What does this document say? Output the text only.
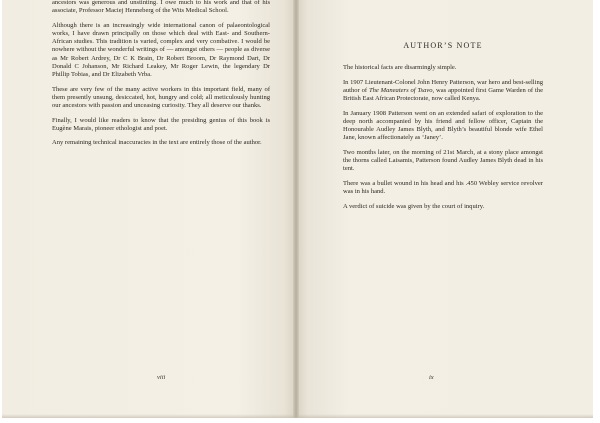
ancestors was generous and unstinting. I owe much to his work and that of his associate, Professor Maciej Henneberg of the Wits Medical School.

Although there is an increasingly wide international canon of palaeontological works, I have drawn principally on those which deal with East- and Southern-African studies. This tradition is varied, complex and very combative. I would be nowhere without the wonderful writings of — amongst others — people as diverse as Mr Robert Ardrey, Dr C K Brain, Dr Robert Broom, Dr Raymond Dart, Dr Donald C Johanson, Mr Richard Leakey, Mr Roger Lewin, the legendary Dr Phillip Tobias, and Dr Elizabeth Vrba.

These are very few of the many active workers in this important field, many of them presently unsung, desiccated, hot, hungry and cold; all meticulously hunting our ancestors with passion and unceasing curiosity. They all deserve our thanks.

Finally, I would like readers to know that the presiding genius of this book is Eugène Marais, pioneer ethologist and poet.

Any remaining technical inaccuracies in the text are entirely those of the author.

viii
AUTHOR’S NOTE

The historical facts are disarmingly simple.

In 1907 Lieutenant-Colonel John Henry Patterson, war hero and best-selling author of The Maneaters of Tsavo, was appointed first Game Warden of the British East African Protectorate, now called Kenya.

In January 1908 Patterson went on an extended safari of exploration to the deep north accompanied by his friend and fellow officer, Captain the Honourable Audley James Blyth, and Blyth’s beautiful blonde wife Ethel Jane, known affectionately as ‘Janey’.

Two months later, on the morning of 21st March, at a stony place amongst the thorns called Laisamis, Patterson found Audley James Blyth dead in his tent.

There was a bullet wound in his head and his .450 Webley service revolver was in his hand.

A verdict of suicide was given by the court of inquiry.

ix
